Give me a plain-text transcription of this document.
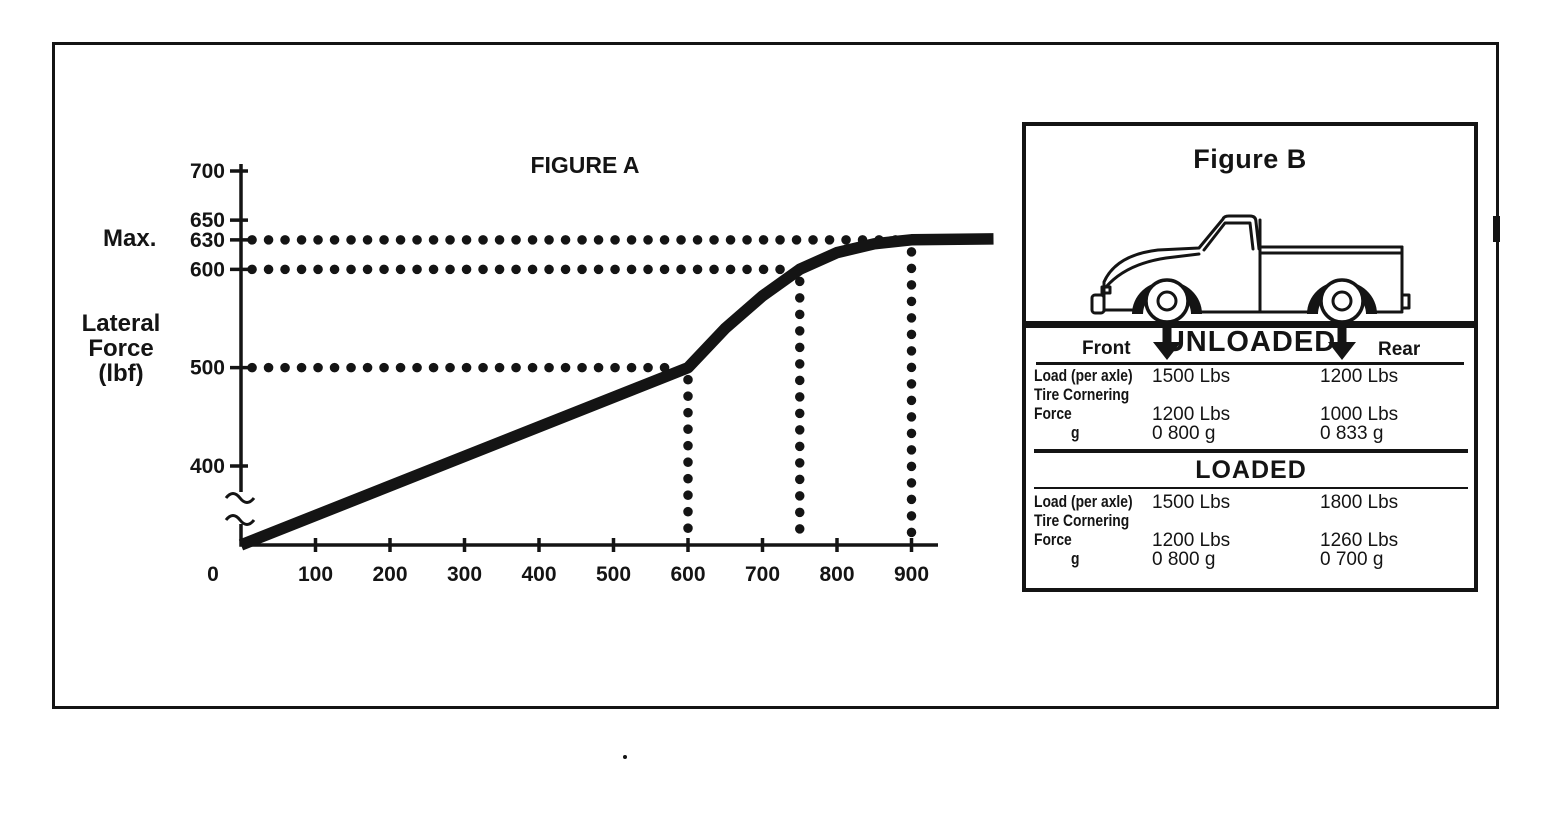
400
500
600
630
650
700
0	100 200 300 400 500 600 700 800 900
FIGURE A
Max.
Lateral
Force
(lbf)
Figure B
Front	UNLOADED	Rear
Load (per axle) 1500 Lbs	1200 Lbs
Tire Cornering
Force	1200 Lbs	1000 Lbs
g	0 800 g	0 833 g
LOADED
Load (per axle) 1500 Lbs	1800 Lbs
Tire Cornering
Force	1200 Lbs	1260 Lbs
g	0 800 g	0 700 g
